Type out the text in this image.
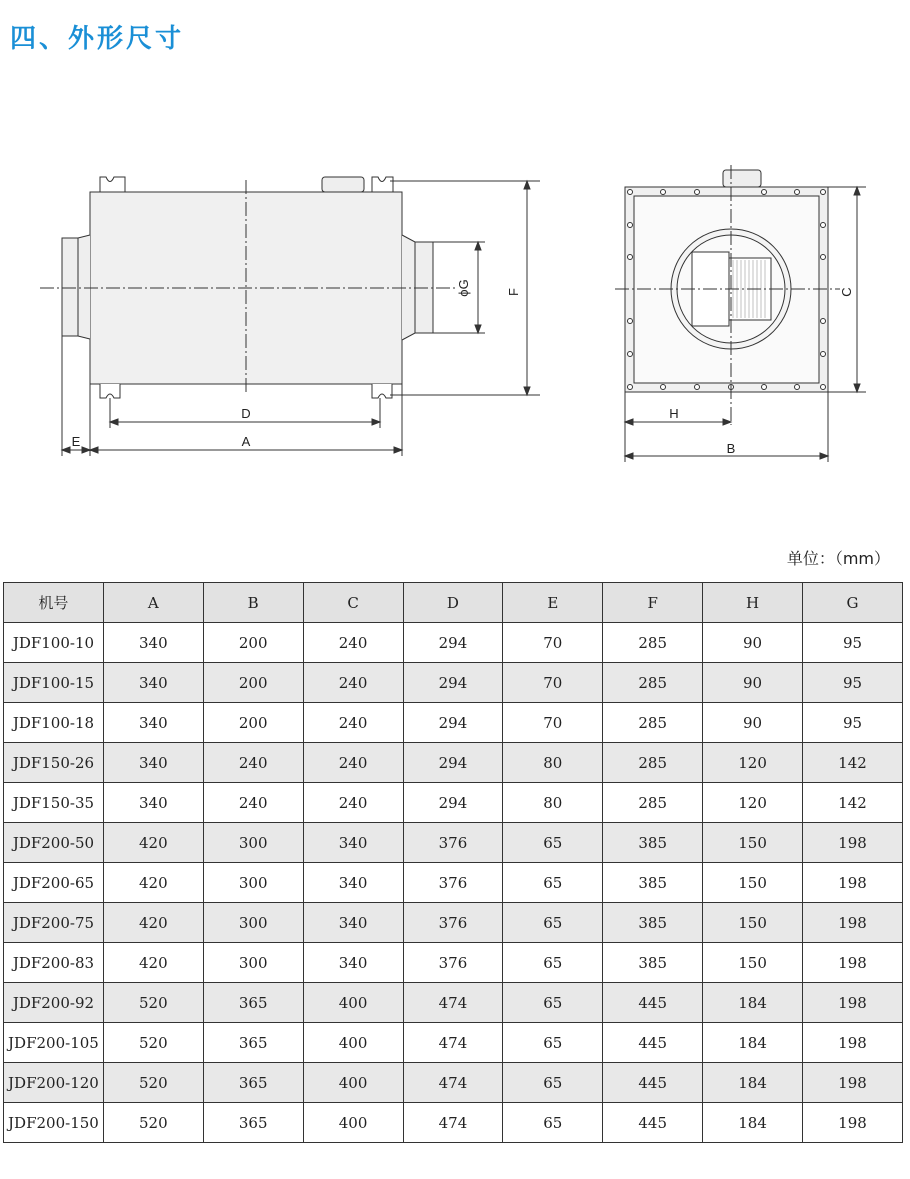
四、外形尺寸
F
ϕG
D
A
E
C
H
B
单位：（mm）
机号	A	B	C	D	E	F	H	G
JDF100-10	340	200	240	294	70	285	90	95
JDF100-15	340	200	240	294	70	285	90	95
JDF100-18	340	200	240	294	70	285	90	95
JDF150-26	340	240	240	294	80	285	120	142
JDF150-35	340	240	240	294	80	285	120	142
JDF200-50	420	300	340	376	65	385	150	198
JDF200-65	420	300	340	376	65	385	150	198
JDF200-75	420	300	340	376	65	385	150	198
JDF200-83	420	300	340	376	65	385	150	198
JDF200-92	520	365	400	474	65	445	184	198
JDF200-105	520	365	400	474	65	445	184	198
JDF200-120	520	365	400	474	65	445	184	198
JDF200-150	520	365	400	474	65	445	184	198
